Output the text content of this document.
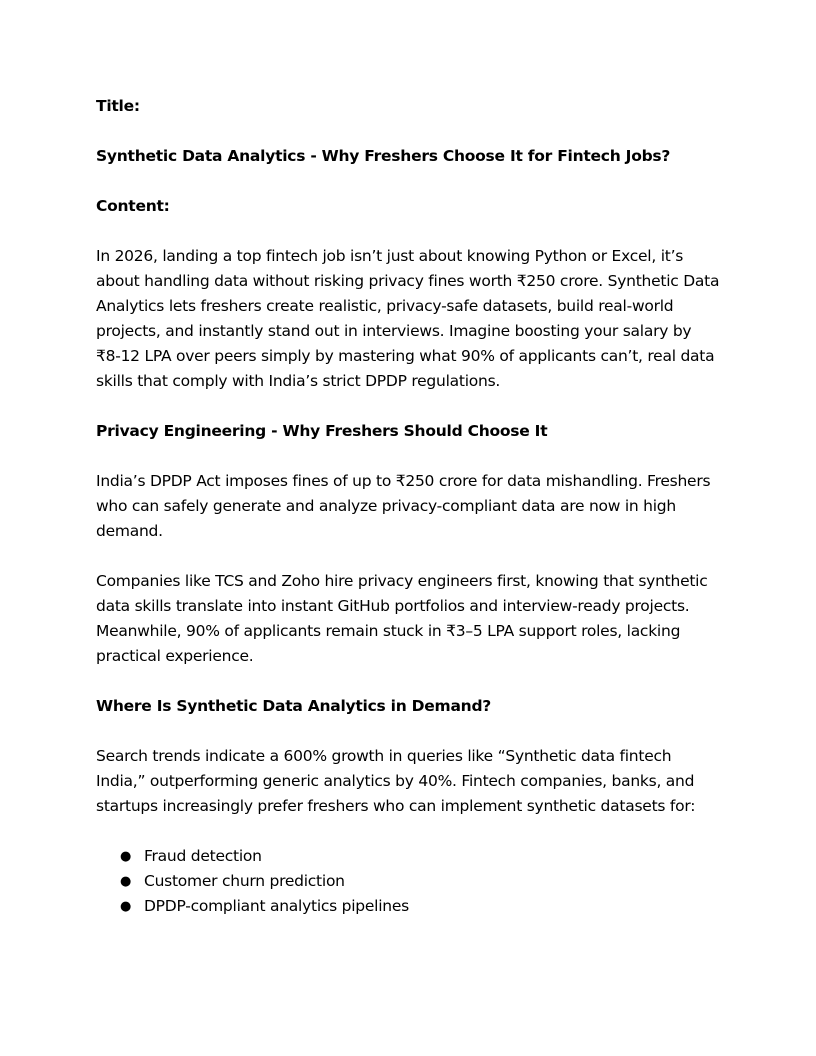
Title:

Synthetic Data Analytics - Why Freshers Choose It for Fintech Jobs?

Content:

In 2026, landing a top fintech job isn’t just about knowing Python or Excel, it’s about handling data without risking privacy fines worth ₹250 crore. Synthetic Data Analytics lets freshers create realistic, privacy-safe datasets, build real-world projects, and instantly stand out in interviews. Imagine boosting your salary by ₹8-12 LPA over peers simply by mastering what 90% of applicants can’t, real data skills that comply with India’s strict DPDP regulations.

Privacy Engineering - Why Freshers Should Choose It

India’s DPDP Act imposes fines of up to ₹250 crore for data mishandling. Freshers who can safely generate and analyze privacy-compliant data are now in high demand.

Companies like TCS and Zoho hire privacy engineers first, knowing that synthetic data skills translate into instant GitHub portfolios and interview-ready projects. Meanwhile, 90% of applicants remain stuck in ₹3–5 LPA support roles, lacking practical experience.

Where Is Synthetic Data Analytics in Demand?

Search trends indicate a 600% growth in queries like “Synthetic data fintech India,” outperforming generic analytics by 40%. Fintech companies, banks, and startups increasingly prefer freshers who can implement synthetic datasets for:

● Fraud detection
● Customer churn prediction
● DPDP-compliant analytics pipelines
